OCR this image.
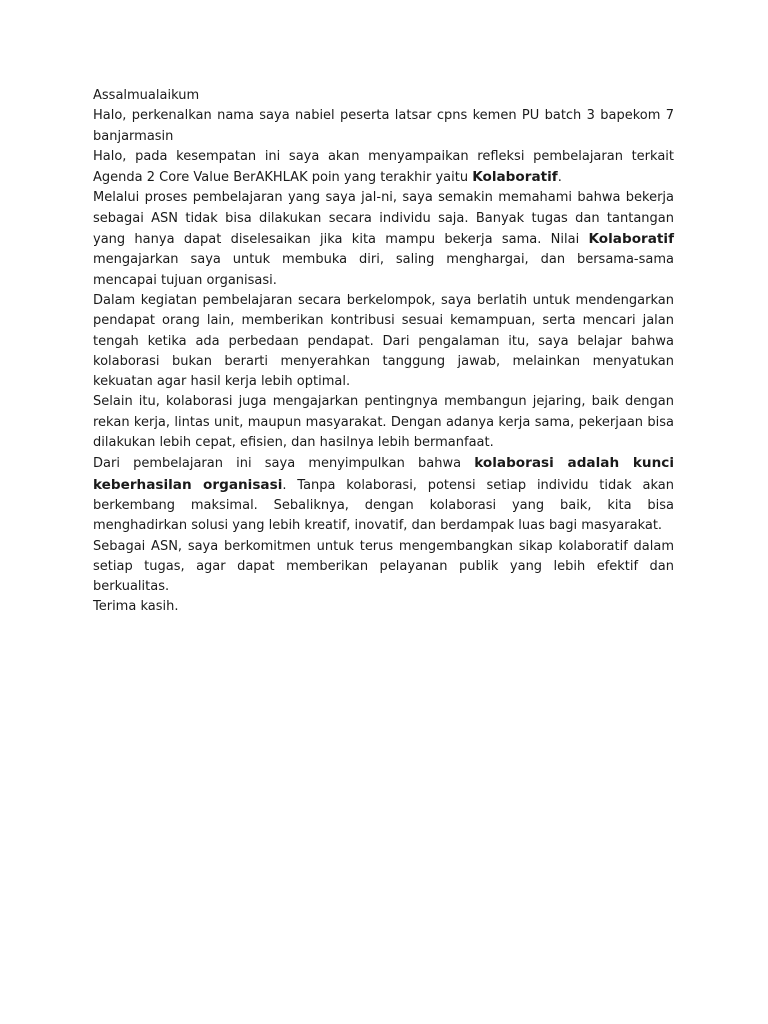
Assalmualaikum

Halo, perkenalkan nama saya nabiel peserta latsar cpns kemen PU batch 3 bapekom 7 banjarmasin

Halo, pada kesempatan ini saya akan menyampaikan refleksi pembelajaran terkait Agenda 2 Core Value BerAKHLAK poin yang terakhir yaitu Kolaboratif.

Melalui proses pembelajaran yang saya jal-ni, saya semakin memahami bahwa bekerja sebagai ASN tidak bisa dilakukan secara individu saja. Banyak tugas dan tantangan yang hanya dapat diselesaikan jika kita mampu bekerja sama. Nilai Kolaboratif mengajarkan saya untuk membuka diri, saling menghargai, dan bersama-sama mencapai tujuan organisasi.

Dalam kegiatan pembelajaran secara berkelompok, saya berlatih untuk mendengarkan pendapat orang lain, memberikan kontribusi sesuai kemampuan, serta mencari jalan tengah ketika ada perbedaan pendapat. Dari pengalaman itu, saya belajar bahwa kolaborasi bukan berarti menyerahkan tanggung jawab, melainkan menyatukan kekuatan agar hasil kerja lebih optimal.

Selain itu, kolaborasi juga mengajarkan pentingnya membangun jejaring, baik dengan rekan kerja, lintas unit, maupun masyarakat. Dengan adanya kerja sama, pekerjaan bisa dilakukan lebih cepat, efisien, dan hasilnya lebih bermanfaat.

Dari pembelajaran ini saya menyimpulkan bahwa kolaborasi adalah kunci keberhasilan organisasi. Tanpa kolaborasi, potensi setiap individu tidak akan berkembang maksimal. Sebaliknya, dengan kolaborasi yang baik, kita bisa menghadirkan solusi yang lebih kreatif, inovatif, dan berdampak luas bagi masyarakat.

Sebagai ASN, saya berkomitmen untuk terus mengembangkan sikap kolaboratif dalam setiap tugas, agar dapat memberikan pelayanan publik yang lebih efektif dan berkualitas.

Terima kasih.
